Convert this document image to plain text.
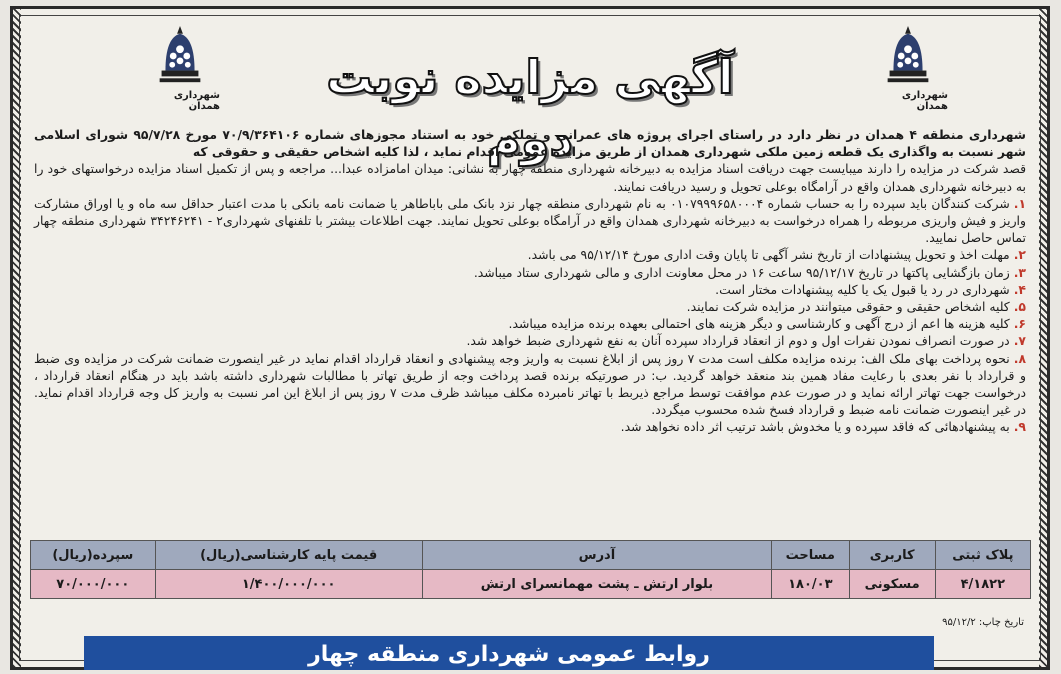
شهرداری همدان
شهرداری همدان
آگهی مزایده نوبت دوم

شهرداری منطقه ۴ همدان در نظر دارد در راستای اجرای پروژه های عمرانی و تملکی خود به استناد مجوزهای شماره ۷۰/۹/۳۶۴۱۰۶ مورخ ۹۵/۷/۲۸ شورای اسلامی شهر نسبت به واگذاری یک قطعه زمین ملکی شهرداری همدان از طریق مزایده عمومی اقدام نماید ، لذا کلیه اشخاص حقیقی و حقوقی که

قصد شرکت در مزایده را دارند میبایست جهت دریافت اسناد مزایده به دبیرخانه شهرداری منطقه چهار به نشانی: میدان امامزاده عبدا... مراجعه و پس از تکمیل اسناد مزایده درخواستهای خود را به دبیرخانه شهرداری همدان واقع در آرامگاه بوعلی تحویل و رسید دریافت نمایند.

۱.شرکت کنندگان باید سپرده را به حساب شماره ۰۱۰۷۹۹۹۶۵۸۰۰۰۴ به نام شهرداری منطقه چهار نزد بانک ملی باباطاهر یا ضمانت نامه بانکی با مدت اعتبار حداقل سه ماه و یا اوراق مشارکت واریز و فیش واریزی مربوطه را همراه درخواست به دبیرخانه شهرداری همدان واقع در آرامگاه بوعلی تحویل نمایند. جهت اطلاعات بیشتر با تلفنهای شهرداری۲ - ۳۴۲۴۶۲۴۱ شهرداری منطقه چهار تماس حاصل نمایید.
۲.مهلت اخذ و تحویل پیشنهادات از تاریخ نشر آگهی تا پایان وقت اداری مورخ ۹۵/۱۲/۱۴ می باشد.
۳.زمان بازگشایی پاکتها در تاریخ ۹۵/۱۲/۱۷ ساعت ۱۶ در محل معاونت اداری و مالی شهرداری ستاد میباشد.
۴.شهرداری در رد یا قبول یک یا کلیه پیشنهادات مختار است.
۵.کلیه اشخاص حقیقی و حقوقی میتوانند در مزایده شرکت نمایند.
۶.کلیه هزینه ها اعم از درج آگهی و کارشناسی و دیگر هزینه های احتمالی بعهده برنده مزایده میباشد.
۷.در صورت انصراف نمودن نفرات اول و دوم از انعقاد قرارداد سپرده آنان به نفع شهرداری ضبط خواهد شد.
۸.نحوه پرداخت بهای ملک الف: برنده مزایده مکلف است مدت ۷ روز پس از ابلاغ نسبت به واریز وجه پیشنهادی و انعقاد قرارداد اقدام نماید در غیر اینصورت ضمانت شرکت در مزایده وی ضبط و قرارداد با نفر بعدی با رعایت مفاد همین بند منعقد خواهد گردید. ب: در صورتیکه برنده قصد پرداخت وجه از طریق تهاتر با مطالبات شهرداری داشته باشد باید در هنگام انعقاد قرارداد ، درخواست جهت تهاتر ارائه نماید و در صورت عدم موافقت توسط مراجع ذیربط با تهاتر نامبرده مکلف میباشد ظرف مدت ۷ روز پس از ابلاغ این امر نسبت به واریز کل وجه قرارداد اقدام نماید. در غیر اینصورت ضمانت نامه ضبط و قرارداد فسخ شده محسوب میگردد.
۹.به پیشنهادهائی که فاقد سپرده و یا مخدوش باشد ترتیب اثر داده نخواهد شد.
پلاک ثبتی	کاربری	مساحت	آدرس	قیمت پایه کارشناسی(ریال)	سپرده(ریال)
۴/۱۸۲۲	مسکونی	۱۸۰/۰۳	بلوار ارتش ـ پشت مهمانسرای ارتش	۱/۴۰۰/۰۰۰/۰۰۰	۷۰/۰۰۰/۰۰۰
تاریخ چاپ: ۹۵/۱۲/۲
روابط عمومی شهرداری منطقه چهار
